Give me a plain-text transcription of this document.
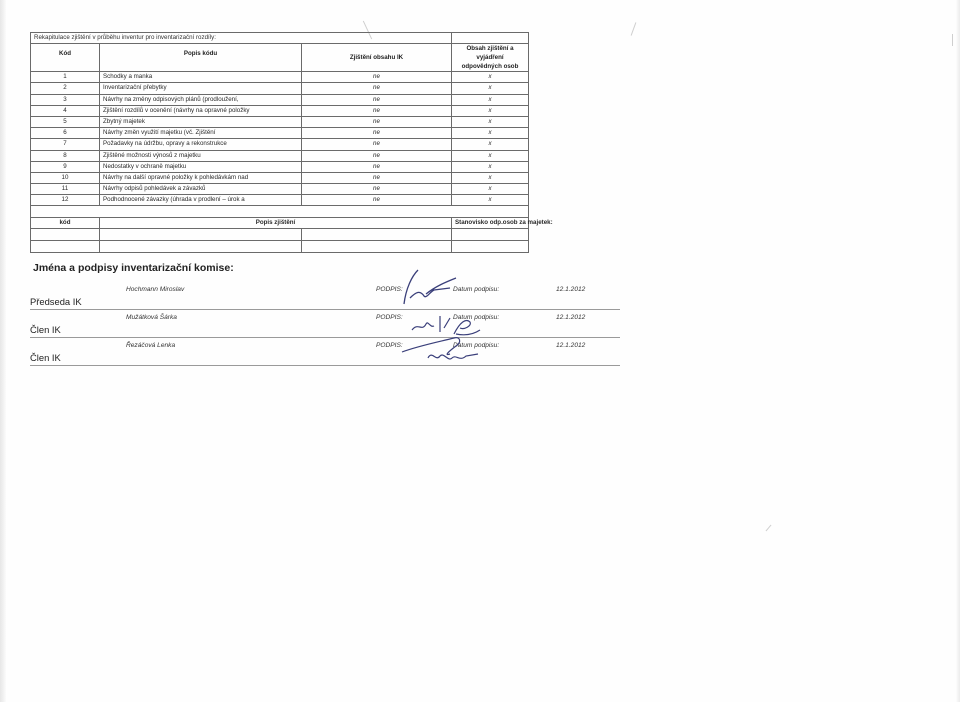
Rekapitulace zjištění v průběhu inventur pro inventarizační rozdíly:			
Kód	Popis kódu	Zjištění obsahu IK	Obsah zjištění a vyjádření odpovědných osob
1	Schodky a manka	ne	x
2	Inventarizační přebytky	ne	x
3	Návrhy na změny odpisových plánů (prodloužení,	ne	x
4	Zjištění rozdílů v ocenění (návrhy na opravné položky	ne	x
5	Zbytný majetek	ne	x
6	Návrhy změn využití majetku (vč. Zjištění	ne	x
7	Požadavky na údržbu, opravy a rekonstrukce	ne	x
8	Zjištěné možnosti výnosů z majetku	ne	x
9	Nedostatky v ochraně majetku	ne	x
10	Návrhy na další opravné položky k pohledávkám nad	ne	x
11	Návrhy odpisů pohledávek a závazků	ne	x
12	Podhodnocené závazky (úhrada v prodlení – úrok a	ne	x

kód	Popis zjištění		Stanovisko odp.osob za majetek:

Jména a podpisy inventarizační komise:
Předseda IK
Hochmann Miroslav	PODPIS:	Datum podpisu:	12.1.2012
Člen IK
Mužátková Šárka	PODPIS:	Datum podpisu:	12.1.2012
Člen IK
Řezáčová Lenka	PODPIS:	Datum podpisu:	12.1.2012
